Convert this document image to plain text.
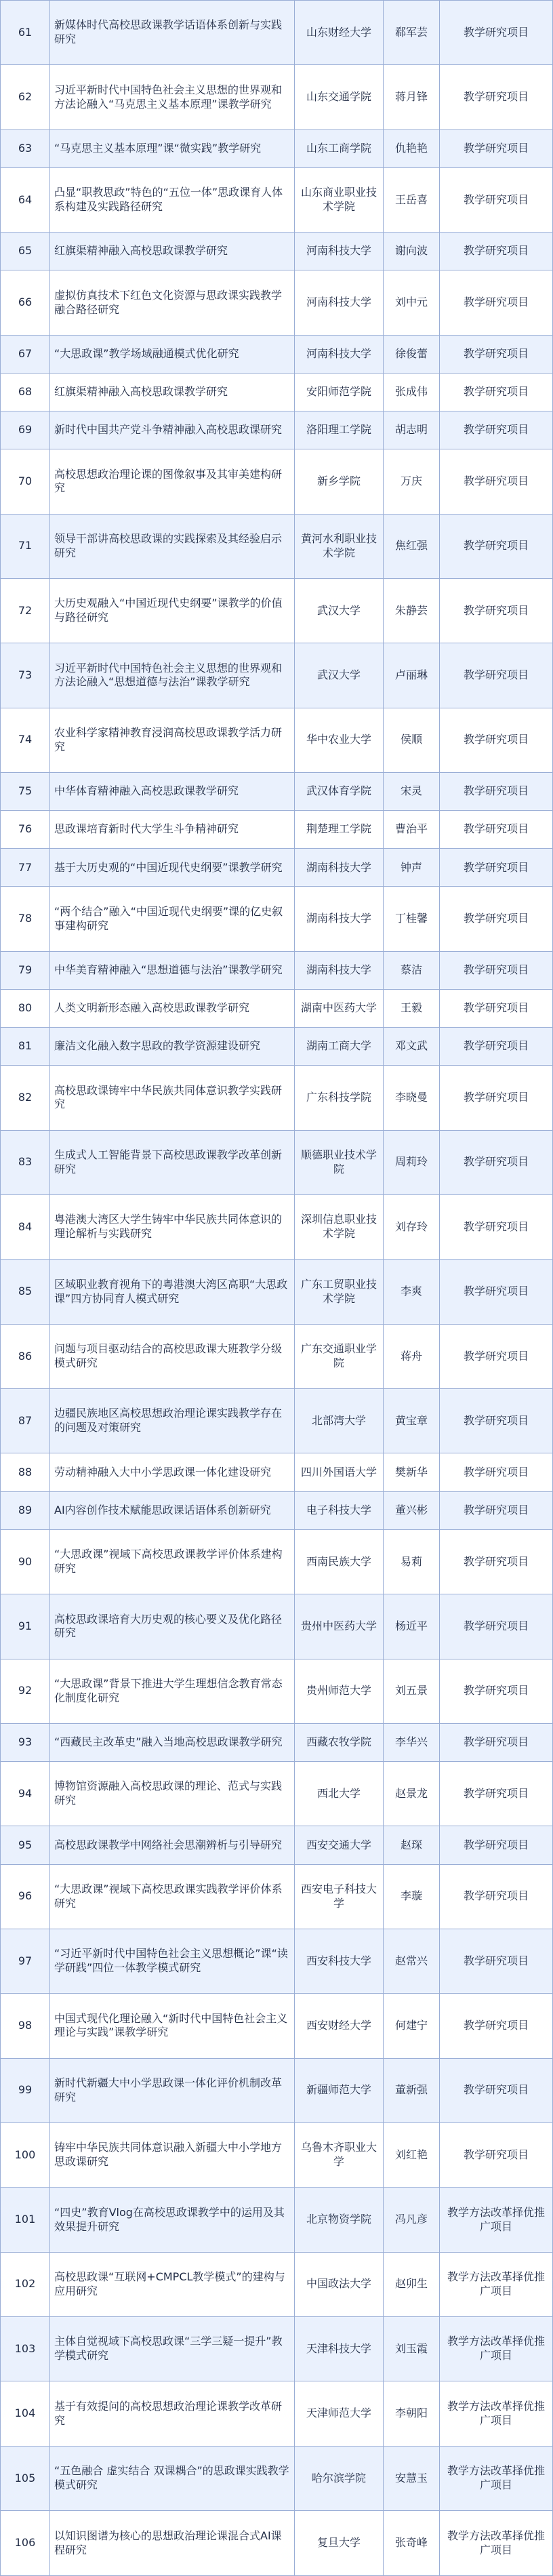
61	新媒体时代高校思政课教学话语体系创新与实践研究	山东财经大学	郗军芸	教学研究项目
62	习近平新时代中国特色社会主义思想的世界观和方法论融入“马克思主义基本原理”课教学研究	山东交通学院	蒋月锋	教学研究项目
63	“马克思主义基本原理”课“微实践”教学研究	山东工商学院	仇艳艳	教学研究项目
64	凸显“职教思政”特色的“五位一体”思政课育人体系构建及实践路径研究	山东商业职业技术学院	王岳喜	教学研究项目
65	红旗渠精神融入高校思政课教学研究	河南科技大学	谢向波	教学研究项目
66	虚拟仿真技术下红色文化资源与思政课实践教学融合路径研究	河南科技大学	刘中元	教学研究项目
67	“大思政课”教学场域融通模式优化研究	河南科技大学	徐俊蕾	教学研究项目
68	红旗渠精神融入高校思政课教学研究	安阳师范学院	张成伟	教学研究项目
69	新时代中国共产党斗争精神融入高校思政课研究	洛阳理工学院	胡志明	教学研究项目
70	高校思想政治理论课的图像叙事及其审美建构研究	新乡学院	万庆	教学研究项目
71	领导干部讲高校思政课的实践探索及其经验启示研究	黄河水利职业技术学院	焦红强	教学研究项目
72	大历史观融入“中国近现代史纲要”课教学的价值与路径研究	武汉大学	朱静芸	教学研究项目
73	习近平新时代中国特色社会主义思想的世界观和方法论融入“思想道德与法治”课教学研究	武汉大学	卢丽琳	教学研究项目
74	农业科学家精神教育浸润高校思政课教学活力研究	华中农业大学	侯顺	教学研究项目
75	中华体育精神融入高校思政课教学研究	武汉体育学院	宋灵	教学研究项目
76	思政课培育新时代大学生斗争精神研究	荆楚理工学院	曹治平	教学研究项目
77	基于大历史观的“中国近现代史纲要”课教学研究	湖南科技大学	钟声	教学研究项目
78	“两个结合”融入“中国近现代史纲要”课的亿史叙事建构研究	湖南科技大学	丁桂馨	教学研究项目
79	中华美育精神融入“思想道德与法治”课教学研究	湖南科技大学	蔡洁	教学研究项目
80	人类文明新形态融入高校思政课教学研究	湖南中医药大学	王毅	教学研究项目
81	廉洁文化融入数字思政的教学资源建设研究	湖南工商大学	邓文武	教学研究项目
82	高校思政课铸牢中华民族共同体意识教学实践研究	广东科技学院	李晓曼	教学研究项目
83	生成式人工智能背景下高校思政课教学改革创新研究	顺德职业技术学院	周莉玲	教学研究项目
84	粤港澳大湾区大学生铸牢中华民族共同体意识的理论解析与实践研究	深圳信息职业技术学院	刘存玲	教学研究项目
85	区域职业教育视角下的粤港澳大湾区高职“大思政课”四方协同育人模式研究	广东工贸职业技术学院	李爽	教学研究项目
86	问题与项目驱动结合的高校思政课大班教学分级模式研究	广东交通职业学院	蒋舟	教学研究项目
87	边疆民族地区高校思想政治理论课实践教学存在的问题及对策研究	北部湾大学	黄宝章	教学研究项目
88	劳动精神融入大中小学思政课一体化建设研究	四川外国语大学	樊新华	教学研究项目
89	AI内容创作技术赋能思政课话语体系创新研究	电子科技大学	董兴彬	教学研究项目
90	“大思政课”视域下高校思政课教学评价体系建构研究	西南民族大学	易莉	教学研究项目
91	高校思政课培育大历史观的核心要义及优化路径研究	贵州中医药大学	杨近平	教学研究项目
92	“大思政课”背景下推进大学生理想信念教育常态化制度化研究	贵州师范大学	刘五景	教学研究项目
93	“西藏民主改革史”融入当地高校思政课教学研究	西藏农牧学院	李华兴	教学研究项目
94	博物馆资源融入高校思政课的理论、范式与实践研究	西北大学	赵景龙	教学研究项目
95	高校思政课教学中网络社会思潮辨析与引导研究	西安交通大学	赵琛	教学研究项目
96	“大思政课”视域下高校思政课实践教学评价体系研究	西安电子科技大学	李璇	教学研究项目
97	“习近平新时代中国特色社会主义思想概论”课“读学研践”四位一体教学模式研究	西安科技大学	赵常兴	教学研究项目
98	中国式现代化理论融入“新时代中国特色社会主义理论与实践”课教学研究	西安财经大学	何建宁	教学研究项目
99	新时代新疆大中小学思政课一体化评价机制改革研究	新疆师范大学	董新强	教学研究项目
100	铸牢中华民族共同体意识融入新疆大中小学地方思政课研究	乌鲁木齐职业大学	刘红艳	教学研究项目
101	“四史”教育Vlog在高校思政课教学中的运用及其效果提升研究	北京物资学院	冯凡彦	教学方法改革择优推广项目
102	高校思政课“互联网+CMPCL教学模式”的建构与应用研究	中国政法大学	赵卯生	教学方法改革择优推广项目
103	主体自觉视域下高校思政课“三学三疑一提升”教学模式研究	天津科技大学	刘玉霞	教学方法改革择优推广项目
104	基于有效提问的高校思想政治理论课教学改革研究	天津师范大学	李朝阳	教学方法改革择优推广项目
105	“五色融合 虚实结合 双课耦合”的思政课实践教学模式研究	哈尔滨学院	安慧玉	教学方法改革择优推广项目
106	以知识图谱为核心的思想政治理论课混合式AI课程研究	复旦大学	张奇峰	教学方法改革择优推广项目
